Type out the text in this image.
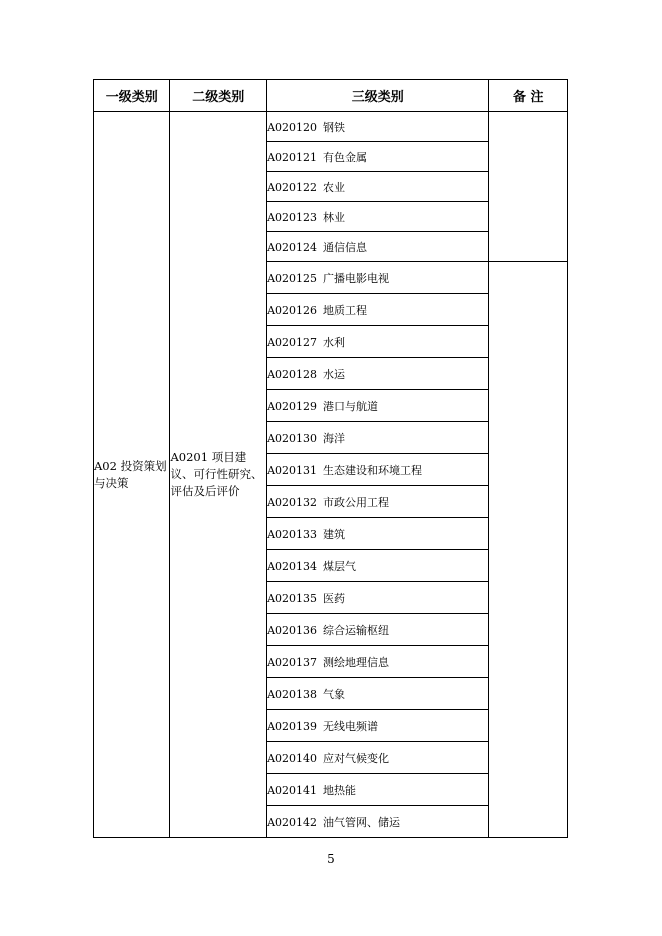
一级类别	二级类别	三级类别	备 注
A02 投资策划与决策	A0201 项目建议、可行性研究、评估及后评价	A020120 钢铁	
		A020121 有色金属	
		A020122 农业	
		A020123 林业	
		A020124 通信信息	
		A020125 广播电影电视	
		A020126 地质工程	
		A020127 水利	
		A020128 水运	
		A020129 港口与航道	
		A020130 海洋	
		A020131 生态建设和环境工程	
		A020132 市政公用工程	
		A020133 建筑	
		A020134 煤层气	
		A020135 医药	
		A020136 综合运输枢纽	
		A020137 测绘地理信息	
		A020138 气象	
		A020139 无线电频谱	
		A020140 应对气候变化	
		A020141 地热能	
		A020142 油气管网、储运	
5
